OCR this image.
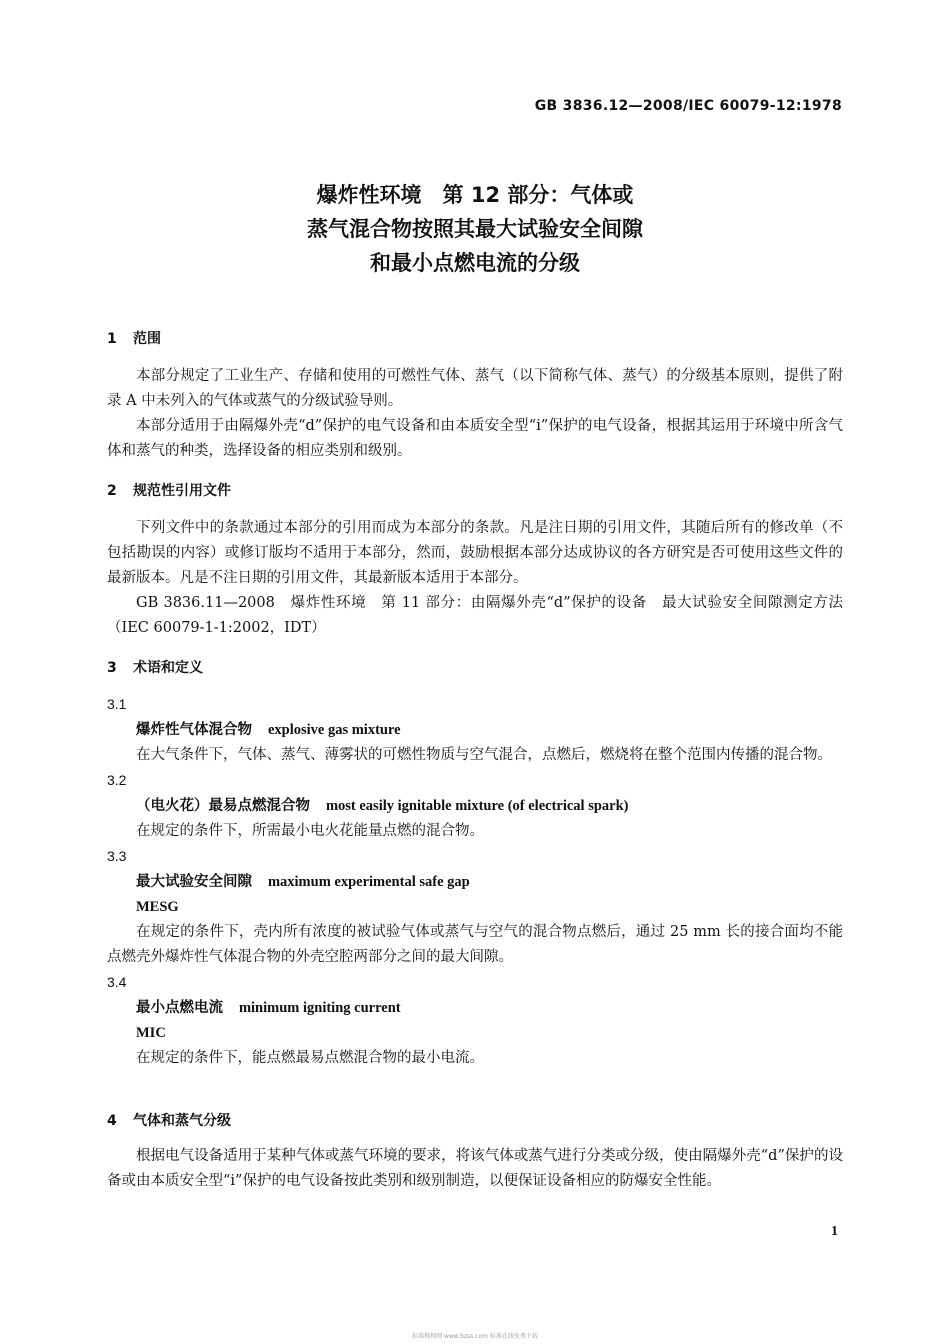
GB 3836.12—2008/IEC 60079-12:1978
爆炸性环境　第 12 部分：气体或
蒸气混合物按照其最大试验安全间隙
和最小点燃电流的分级
1 范围

本部分规定了工业生产、存储和使用的可燃性气体、蒸气（以下简称气体、蒸气）的分级基本原则，提供了附录 A 中未列入的气体或蒸气的分级试验导则。

本部分适用于由隔爆外壳“d”保护的电气设备和由本质安全型“i”保护的电气设备，根据其运用于环境中所含气体和蒸气的种类，选择设备的相应类别和级别。

2 规范性引用文件

下列文件中的条款通过本部分的引用而成为本部分的条款。凡是注日期的引用文件，其随后所有的修改单（不包括勘误的内容）或修订版均不适用于本部分，然而，鼓励根据本部分达成协议的各方研究是否可使用这些文件的最新版本。凡是不注日期的引用文件，其最新版本适用于本部分。

GB 3836.11—2008　爆炸性环境　第 11 部分：由隔爆外壳“d”保护的设备　最大试验安全间隙测定方法（IEC 60079-1-1:2002，IDT）

3 术语和定义
3.1
爆炸性气体混合物 explosive gas mixture

在大气条件下，气体、蒸气、薄雾状的可燃性物质与空气混合，点燃后，燃烧将在整个范围内传播的混合物。

3.2
（电火花）最易点燃混合物 most easily ignitable mixture (of electrical spark)

在规定的条件下，所需最小电火花能量点燃的混合物。

3.3
最大试验安全间隙 maximum experimental safe gap
MESG

在规定的条件下，壳内所有浓度的被试验气体或蒸气与空气的混合物点燃后，通过 25 mm 长的接合面均不能点燃壳外爆炸性气体混合物的外壳空腔两部分之间的最大间隙。

3.4
最小点燃电流 minimum igniting current
MIC

在规定的条件下，能点燃最易点燃混合物的最小电流。

4 气体和蒸气分级

根据电气设备适用于某种气体或蒸气环境的要求，将该气体或蒸气进行分类或分级，使由隔爆外壳“d”保护的设备或由本质安全型“i”保护的电气设备按此类别和级别制造，以便保证设备相应的防爆安全性能。

1
标准搜搜网 www.bzss.com 标准在线免费下载
